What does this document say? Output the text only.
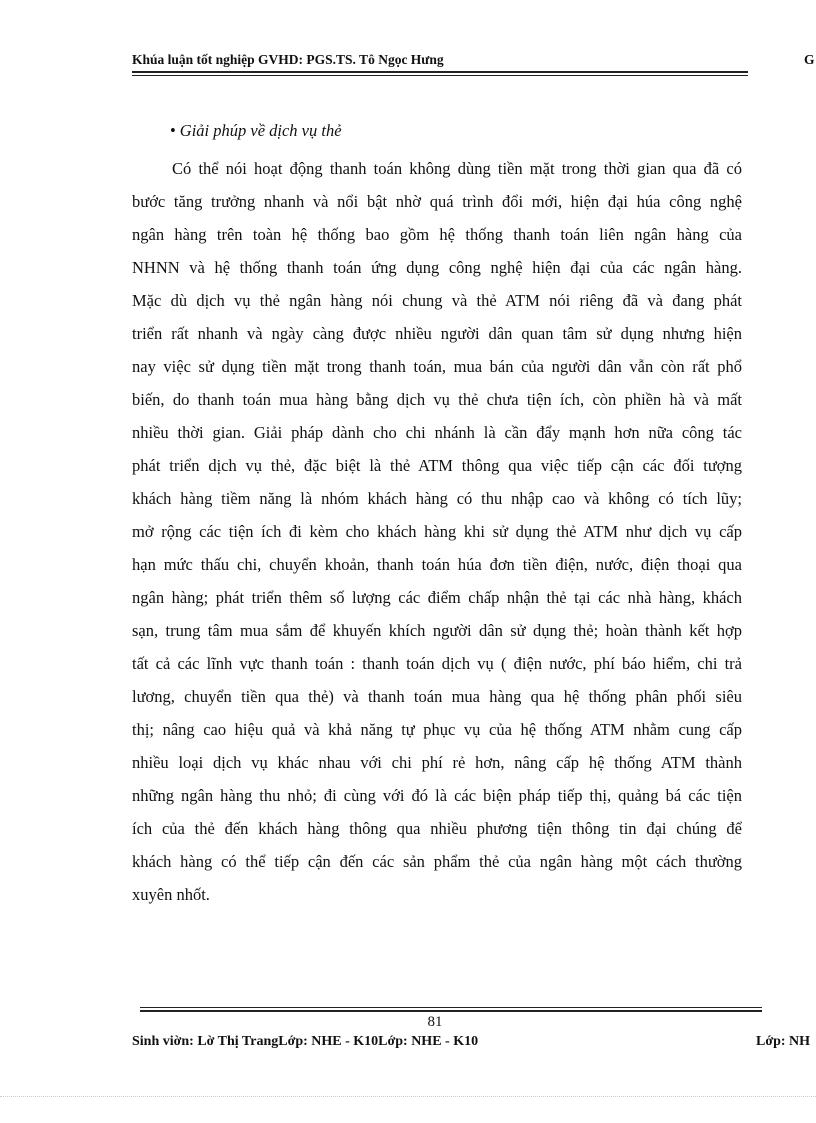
Khúa luận tốt nghiệp GVHD: PGS.TS. Tô Ngọc Hưng	G
• Giải phúp về dịch vụ thẻ
Có thể nói hoạt động thanh toán không dùng tiền mặt trong thời gian qua đã có
bước tăng trưởng nhanh và nổi bật nhờ quá trình đổi mới, hiện đại húa công nghệ
ngân hàng trên toàn hệ thống bao gồm hệ thống thanh toán liên ngân hàng của
NHNN và hệ thống thanh toán ứng dụng công nghệ hiện đại của các ngân hàng.
Mặc dù dịch vụ thẻ ngân hàng nói chung và thẻ ATM nói riêng đã và đang phát
triển rất nhanh và ngày càng được nhiều người dân quan tâm sử dụng nhưng hiện
nay việc sử dụng tiền mặt trong thanh toán, mua bán của người dân vẫn còn rất phổ
biến, do thanh toán mua hàng bằng dịch vụ thẻ chưa tiện ích, còn phiền hà và mất
nhiều thời gian. Giải pháp dành cho chi nhánh là cần đẩy mạnh hơn nữa công tác
phát triển dịch vụ thẻ, đặc biệt là thẻ ATM thông qua việc tiếp cận các đối tượng
khách hàng tiềm năng là nhóm khách hàng có thu nhập cao và không có tích lũy;
mở rộng các tiện ích đi kèm cho khách hàng khi sử dụng thẻ ATM như dịch vụ cấp
hạn mức thấu chi, chuyển khoản, thanh toán húa đơn tiền điện, nước, điện thoại qua
ngân hàng; phát triển thêm số lượng các điểm chấp nhận thẻ tại các nhà hàng, khách
sạn, trung tâm mua sắm để khuyến khích người dân sử dụng thẻ; hoàn thành kết hợp
tất cả các lĩnh vực thanh toán : thanh toán dịch vụ ( điện nước, phí báo hiểm, chi trả
lương, chuyển tiền qua thẻ) và thanh toán mua hàng qua hệ thống phân phối siêu
thị; nâng cao hiệu quả và khả năng tự phục vụ của hệ thống ATM nhằm cung cấp
nhiều loại dịch vụ khác nhau với chi phí rẻ hơn, nâng cấp hệ thống ATM thành
những ngân hàng thu nhỏ; đi cùng với đó là các biện pháp tiếp thị, quảng bá các tiện
ích của thẻ đến khách hàng thông qua nhiều phương tiện thông tin đại chúng để
khách hàng có thể tiếp cận đến các sản phẩm thẻ của ngân hàng một cách thường
xuyên nhốt.
81
Sinh viờn: Lờ Thị TrangLớp: NHE - K10Lớp: NHE - K10	Lớp: NH
